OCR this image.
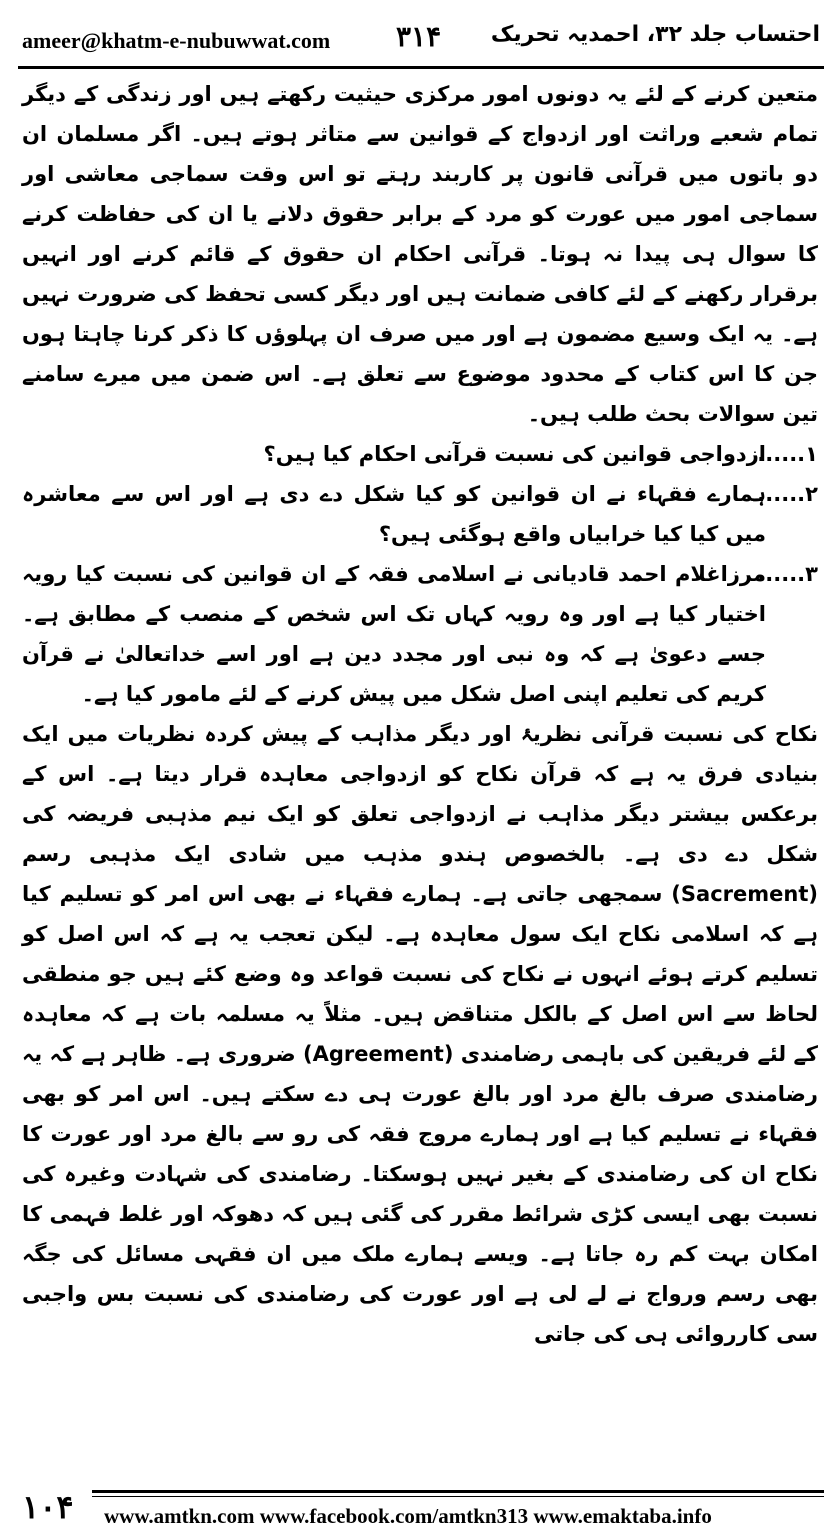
ameer@khatm-e-nubuwwat.com ۳۱۴ احتساب جلد ۳۲، احمدیہ تحریک

متعین کرنے کے لئے یہ دونوں امور مرکزی حیثیت رکھتے ہیں اور زندگی کے دیگر تمام شعبے وراثت اور ازدواج کے قوانین سے متاثر ہوتے ہیں۔ اگر مسلمان ان دو باتوں میں قرآنی قانون پر کاربند رہتے تو اس وقت سماجی معاشی اور سماجی امور میں عورت کو مرد کے برابر حقوق دلانے یا ان کی حفاظت کرنے کا سوال ہی پیدا نہ ہوتا۔ قرآنی احکام ان حقوق کے قائم کرنے اور انہیں برقرار رکھنے کے لئے کافی ضمانت ہیں اور دیگر کسی تحفظ کی ضرورت نہیں ہے۔ یہ ایک وسیع مضمون ہے اور میں صرف ان پہلوؤں کا ذکر کرنا چاہتا ہوں جن کا اس کتاب کے محدود موضوع سے تعلق ہے۔ اس ضمن میں میرے سامنے تین سوالات بحث طلب ہیں۔

۱......
ازدواجی قوانین کی نسبت قرآنی احکام کیا ہیں؟
۲......
ہمارے فقہاء نے ان قوانین کو کیا شکل دے دی ہے اور اس سے معاشرہ میں کیا کیا خرابیاں واقع ہوگئی ہیں؟
۳......
مرزاغلام احمد قادیانی نے اسلامی فقہ کے ان قوانین کی نسبت کیا رویہ اختیار کیا ہے اور وہ رویہ کہاں تک اس شخص کے منصب کے مطابق ہے۔ جسے دعویٰ ہے کہ وہ نبی اور مجدد دین ہے اور اسے خداتعالیٰ نے قرآن کریم کی تعلیم اپنی اصل شکل میں پیش کرنے کے لئے مامور کیا ہے۔

نکاح کی نسبت قرآنی نظریۂ اور دیگر مذاہب کے پیش کردہ نظریات میں ایک بنیادی فرق یہ ہے کہ قرآن نکاح کو ازدواجی معاہدہ قرار دیتا ہے۔ اس کے برعکس بیشتر دیگر مذاہب نے ازدواجی تعلق کو ایک نیم مذہبی فریضہ کی شکل دے دی ہے۔ بالخصوص ہندو مذہب میں شادی ایک مذہبی رسم (Sacrement) سمجھی جاتی ہے۔ ہمارے فقہاء نے بھی اس امر کو تسلیم کیا ہے کہ اسلامی نکاح ایک سول معاہدہ ہے۔ لیکن تعجب یہ ہے کہ اس اصل کو تسلیم کرتے ہوئے انہوں نے نکاح کی نسبت قواعد وہ وضع کئے ہیں جو منطقی لحاظ سے اس اصل کے بالکل متناقض ہیں۔ مثلاً یہ مسلمہ بات ہے کہ معاہدہ کے لئے فریقین کی باہمی رضامندی (Agreement) ضروری ہے۔ ظاہر ہے کہ یہ رضامندی صرف بالغ مرد اور بالغ عورت ہی دے سکتے ہیں۔ اس امر کو بھی فقہاء نے تسلیم کیا ہے اور ہمارے مروج فقہ کی رو سے بالغ مرد اور عورت کا نکاح ان کی رضامندی کے بغیر نہیں ہوسکتا۔ رضامندی کی شہادت وغیرہ کی نسبت بھی ایسی کڑی شرائط مقرر کی گئی ہیں کہ دھوکہ اور غلط فہمی کا امکان بہت کم رہ جاتا ہے۔ ویسے ہمارے ملک میں ان فقہی مسائل کی جگہ بھی رسم ورواج نے لے لی ہے اور عورت کی رضامندی کی نسبت بس واجبی سی کارروائی ہی کی جاتی

۱۰۴ www.amtkn.com www.facebook.com/amtkn313 www.emaktaba.info
